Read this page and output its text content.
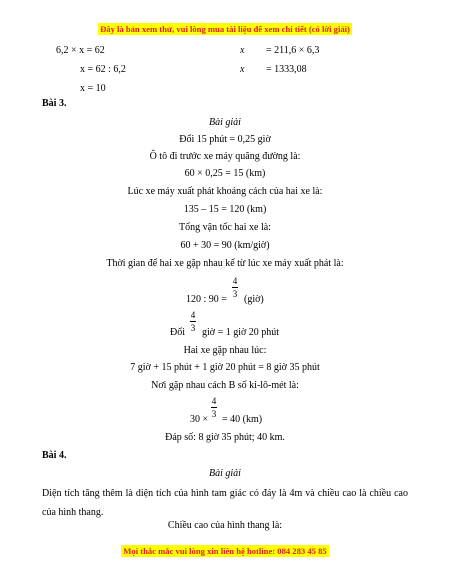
Đây là bản xem thử, vui lòng mua tài liệu để xem chi tiết (có lời giải)
6,2 × x = 62
x = 62 : 6,2
x = 10
x = 211,6 × 6,3
x = 1333,08
Bài 3.
Bài giải
Đổi 15 phút = 0,25 giờ
Ô tô đi trước xe máy quãng đường là:
60 × 0,25 = 15 (km)
Lúc xe máy xuất phát khoảng cách của hai xe là:
135 – 15 = 120 (km)
Tổng vận tốc hai xe là:
60 + 30 = 90 (km/giờ)
Thời gian để hai xe gặp nhau kể từ lúc xe máy xuất phát là:
120 : 90 =
4
3 (giờ)
Đổi
4
3 giờ = 1 giờ 20 phút
Hai xe gặp nhau lúc:
7 giờ + 15 phút + 1 giờ 20 phút = 8 giờ 35 phút
Nơi gặp nhau cách B số ki-lô-mét là:
30 ×
4
3 = 40 (km)
Đáp số: 8 giờ 35 phút; 40 km.
Bài 4.
Bài giải
Diện tích tăng thêm là diện tích của hình tam giác có đáy là 4m và chiều cao là chiều cao của hình thang.
Chiều cao của hình thang là:
Mọi thắc mắc vui lòng xin liên hệ hotline: 084 283 45 85
